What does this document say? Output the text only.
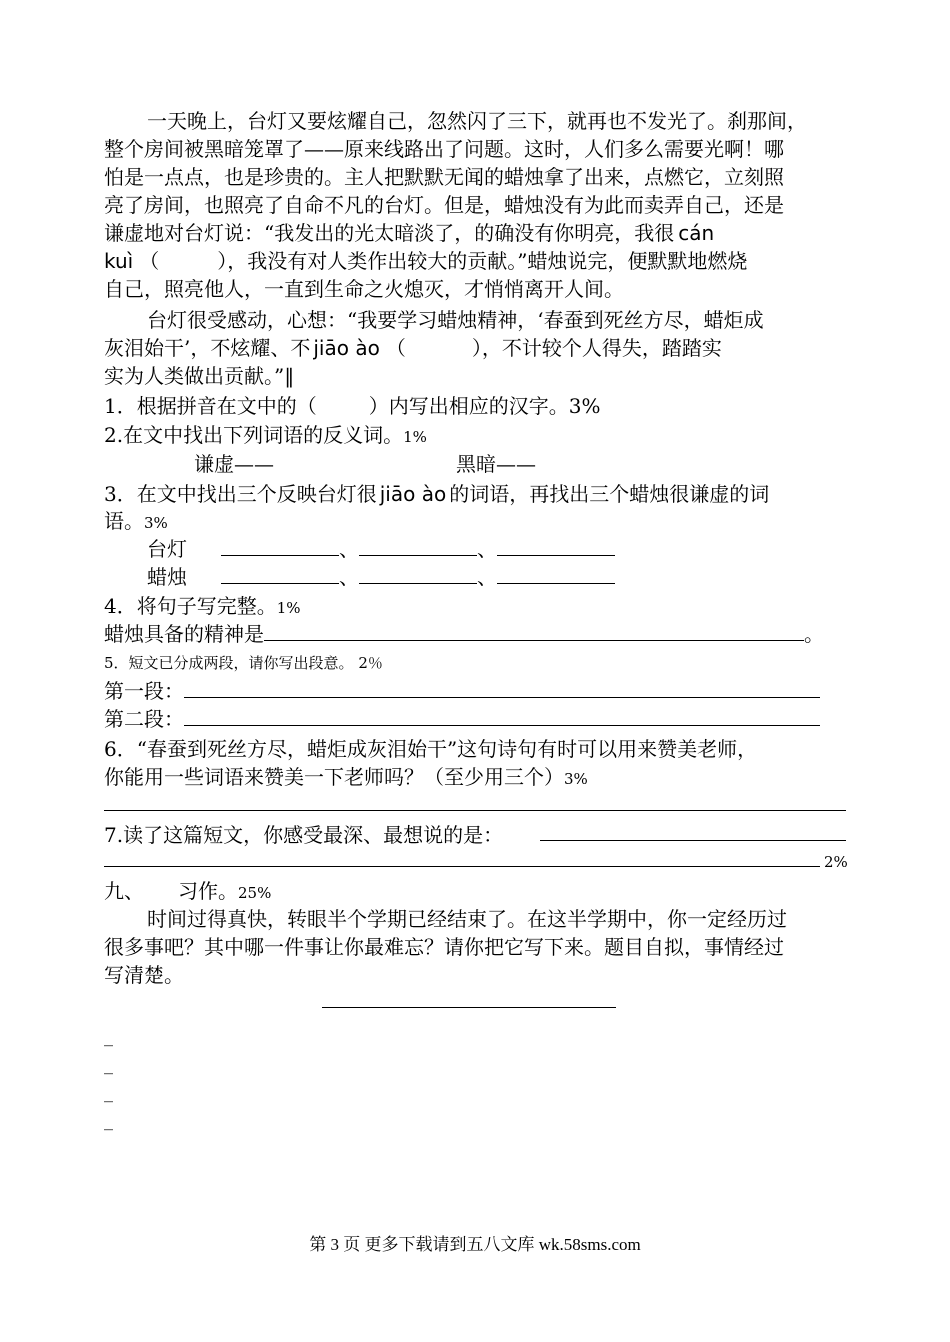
一天晚上，台灯又要炫耀自己，忽然闪了三下，就再也不发光了。刹那间，
整个房间被黑暗笼罩了——原来线路出了问题。这时，人们多么需要光啊！哪
怕是一点点，也是珍贵的。主人把默默无闻的蜡烛拿了出来，点燃它，立刻照
亮了房间，也照亮了自命不凡的台灯。但是，蜡烛没有为此而卖弄自己，还是
谦虚地对台灯说：“我发出的光太暗淡了，的确没有你明亮，我很 cán
kuì （	），我没有对人类作出较大的贡献。”蜡烛说完，便默默地燃烧
自己，照亮他人，一直到生命之火熄灭，才悄悄离开人间。
台灯很受感动，心想：“我要学习蜡烛精神，‘春蚕到死丝方尽，蜡炬成
灰泪始干’，不炫耀、不 jiāo ào （	），不计较个人得失，踏踏实
实为人类做出贡献。”‖
1．根据拼音在文中的（	）内写出相应的汉字。3%
2.在文中找出下列词语的反义词。1%
谦虚——	黑暗——
3．在文中找出三个反映台灯很 jiāo ào 的词语，再找出三个蜡烛很谦虚的词
语。3%
台灯	、	、
蜡烛	、	、
4．将句子写完整。1%
蜡烛具备的精神是	。
5．短文已分成两段，请你写出段意。 2％
第一段：
第二段：
6．“春蚕到死丝方尽，蜡炬成灰泪始干”这句诗句有时可以用来赞美老师，
你能用一些词语来赞美一下老师吗？（至少用三个）3%
7.读了这篇短文，你感受最深、最想说的是：
2%
九、 习作。25%
时间过得真快，转眼半个学期已经结束了。在这半学期中，你一定经历过
很多事吧？其中哪一件事让你最难忘？请你把它写下来。题目自拟，事情经过
写清楚。
_
_
_
_
第 3 页 更多下载请到五八文库 wk.58sms.com
